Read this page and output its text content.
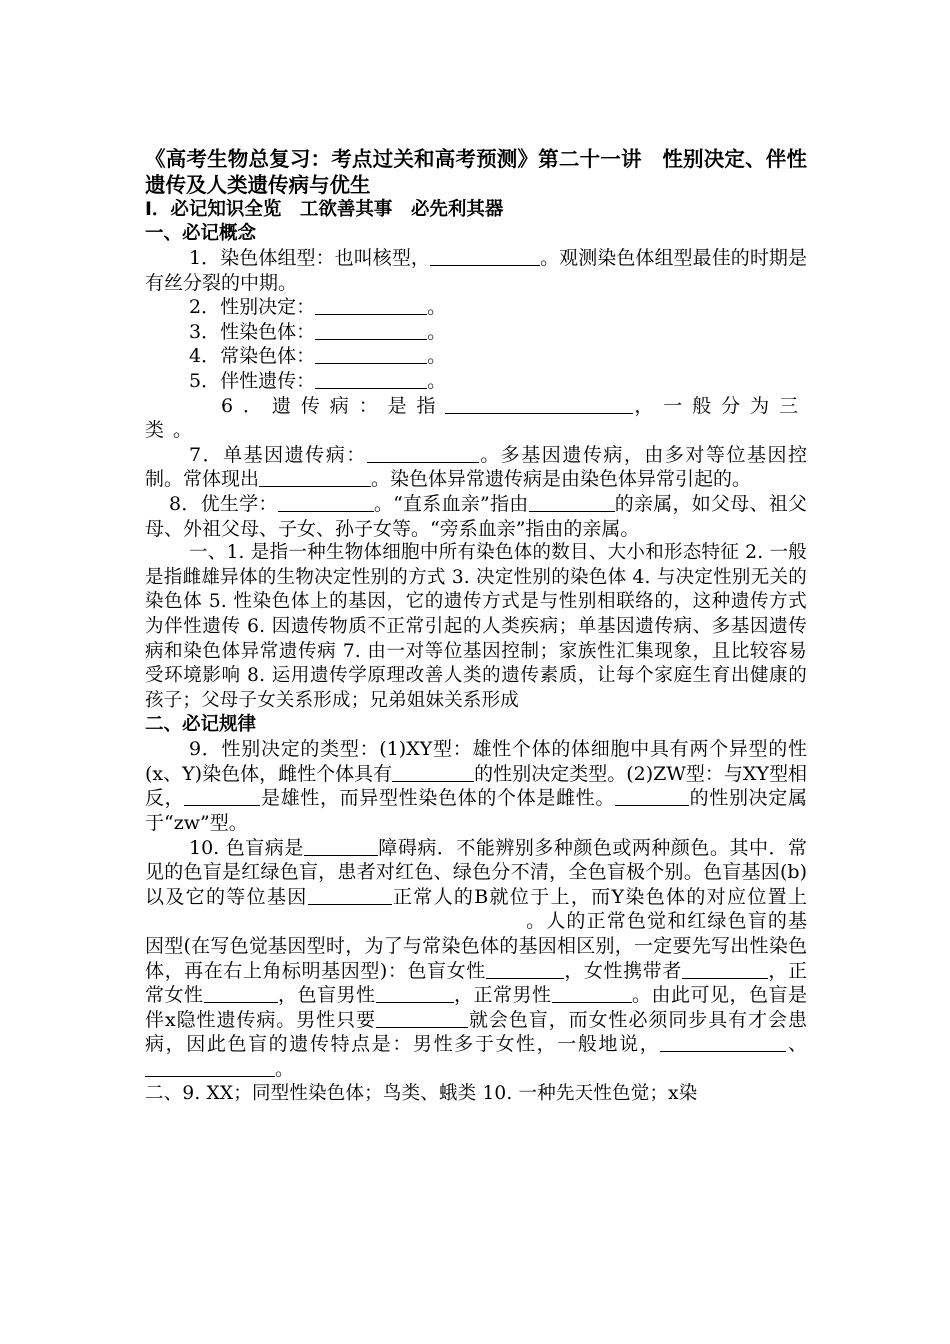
《高考生物总复习：考点过关和高考预测》第二十一讲　性别决定、伴性遗传及人类遗传病与优生

I．必记知识全览　工欲善其事　必先利其器

一、必记概念

1．染色体组型：也叫核型，	。观测染色体组型最佳的时期是有丝分裂的中期。

2．性别决定：	。

3．性染色体：	。

4．常染色体：	。

5．伴性遗传：	。

6．遗传病：是指	，一般分为三类。

7．单基因遗传病：	。多基因遗传病，由多对等位基因控制。常体现出	。染色体异常遗传病是由染色体异常引起的。

8．优生学：	。“直系血亲”指由	的亲属，如父母、祖父母、外祖父母、子女、孙子女等。“旁系血亲”指由的亲属。

一、1. 是指一种生物体细胞中所有染色体的数目、大小和形态特征 2. 一般是指雌雄异体的生物决定性别的方式 3. 决定性别的染色体 4. 与决定性别无关的染色体 5. 性染色体上的基因，它的遗传方式是与性别相联络的，这种遗传方式为伴性遗传 6. 因遗传物质不正常引起的人类疾病；单基因遗传病、多基因遗传病和染色体异常遗传病 7. 由一对等位基因控制；家族性汇集现象，且比较容易受环境影响 8. 运用遗传学原理改善人类的遗传素质，让每个家庭生育出健康的孩子；父母子女关系形成；兄弟姐妹关系形成

二、必记规律

9．性别决定的类型：(1)XY型：雄性个体的体细胞中具有两个异型的性(x、Y)染色体，雌性个体具有	的性别决定类型。(2)ZW型：与XY型相反，	是雄性，而异型性染色体的个体是雌性。	的性别决定属于“zw”型。

10. 色盲病是	障碍病．不能辨别多种颜色或两种颜色。其中．常见的色盲是红绿色盲，患者对红色、绿色分不清，全色盲极个别。色盲基因(b)以及它的等位基因	正常人的B就位于上，而Y染色体的对应位置上。人的正常色觉和红绿色盲的基因型(在写色觉基因型时，为了与常染色体的基因相区别，一定要先写出性染色体，再在右上角标明基因型)：色盲女性	，女性携带者	，正常女性	，色盲男性	，正常男性	。由此可见，色盲是伴x隐性遗传病。男性只要	就会色盲，而女性必须同步具有才会患病，因此色盲的遗传特点是：男性多于女性，一般地说，	、。

二、9. XX；同型性染色体；鸟类、蛾类 10. 一种先天性色觉；x染
